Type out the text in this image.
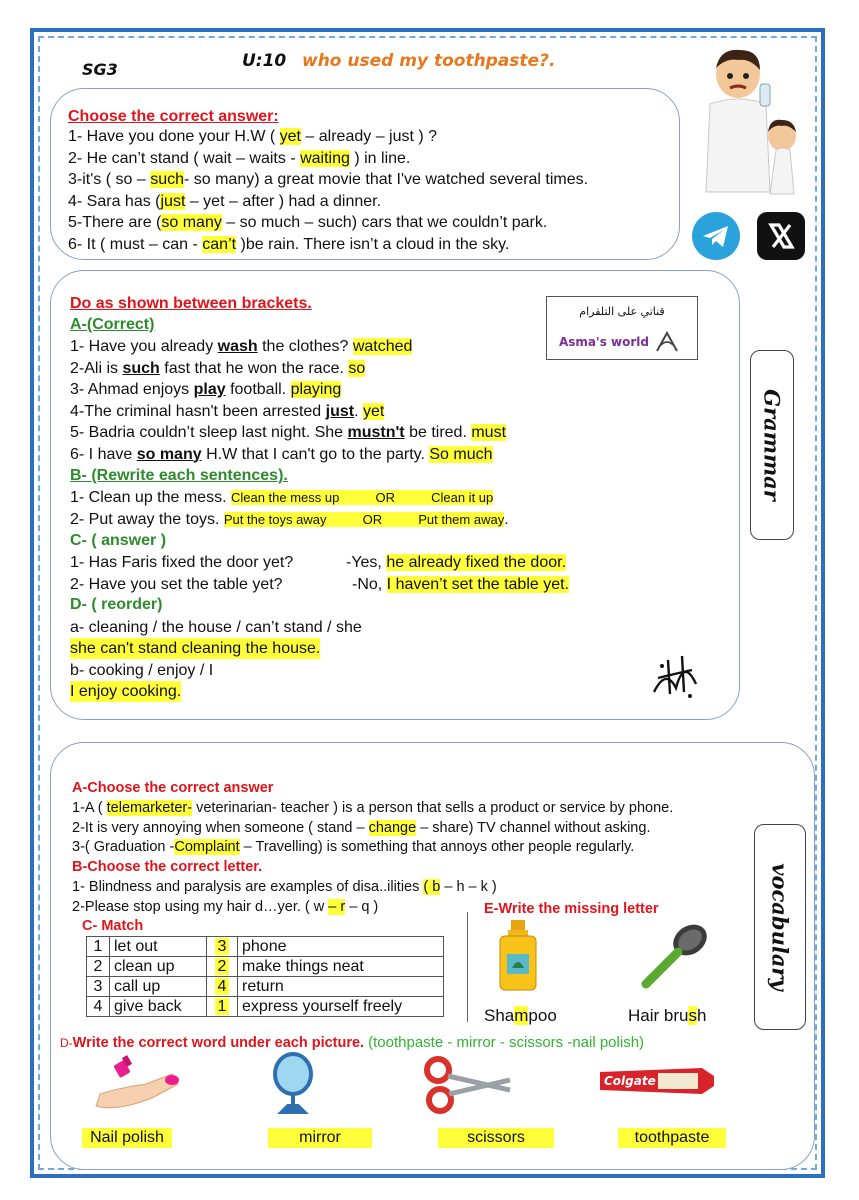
SG3	U:10 who used my toothpaste?.
Choose the correct answer:
1- Have you done your H.W ( yet – already – just ) ?
2- He can’t stand ( wait – waits - waiting ) in line.
3-it's ( so – such- so many) a great movie that I've watched several times.
4- Sara has (just – yet – after ) had a dinner.
5-There are (so many – so much – such) cars that we couldn’t park.
6- It ( must – can - can’t )be rain. There isn’t a cloud in the sky.
Do as shown between brackets.	قناتي على التلقرام
Asma's world
A-(Correct)
1- Have you already wash the clothes? watched
2-Ali is such fast that he won the race. so
3- Ahmad enjoys play football. playing
4-The criminal hasn't been arrested just. yet
5- Badria couldn’t sleep last night. She mustn't be tired. must
6- I have so many H.W that I can't go to the party. So much
B- (Rewrite each sentences).
1- Clean up the mess. Clean the mess up          OR          Clean it up
2- Put away the toys. Put the toys away          OR          Put them away.
C- ( answer )
1- Has Faris fixed the door yet?	-Yes, he already fixed the door.
2- Have you set the table yet?	-No, I haven’t set the table yet.
D- ( reorder)
a- cleaning / the house / can’t stand / she
she can't stand cleaning the house.
b- cooking / enjoy / I
I enjoy cooking.
Grammar
A-Choose the correct answer
1-A ( telemarketer- veterinarian- teacher ) is a person that sells a product or service by phone.
2-It is very annoying when someone ( stand – change – share) TV channel without asking.
3-( Graduation -Complaint – Travelling) is something that annoys other people regularly.
B-Choose the correct letter.
1- Blindness and paralysis are examples of disa..ilities ( b – h – k )
2-Please stop using my hair d…yer. ( w – r – q )
C- Match
1	let out	3	phone
2	clean up	2	make things neat
3	call up	4	return
4	give back	1	express yourself freely
E-Write the missing letter
Shampoo	Hair brush
vocabulary
D-Write the correct word under each picture. (toothpaste - mirror - scissors -nail polish)
Colgate
Nail polish	mirror	scissors	toothpaste
